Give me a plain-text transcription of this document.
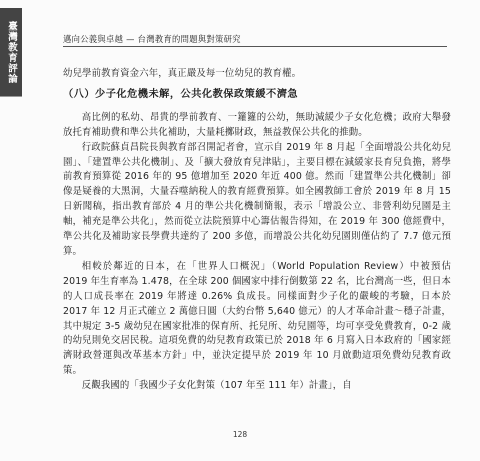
臺灣教育評論	邁向公義與卓越 — 台灣教育的問題與對策研究

幼兒學前教育資金六年，真正嚴及每一位幼兒的教育權。

（八）少子化危機未解，公共化教保政策緩不濟急

高比例的私幼、昂貴的學前教育、一籮籮的公幼，無助減緩少子女化危機；政府大舉發放托育補助費和準公共化補助，大量耗擲財政，無益教保公共化的推動。

行政院蘇貞昌院長與教育部召開記者會，宣示自 2019 年 8 月起「全面增設公共化幼兒園」、「建置準公共化機制」、及「擴大發放育兒津貼」，主要目標在減緩家長育兒負擔，將學前教育預算從 2016 年的 95 億增加至 2020 年近 400 億。然而「建置準公共化機制」卻像是疑養的大黑洞，大量吞噬納稅人的教育經費預算。如全國教師工會於 2019 年 8 月 15 日新聞稿，指出教育部於 4 月的準公共化機制簡報，表示「增設公立、非營利幼兒園是主軸，補充是準公共化」，然而從立法院預算中心籌估報告得知，在 2019 年 300 億經費中，準公共化及補助家長學費共達約了 200 多億，而增設公共化幼兒園則僅佔約了 7.7 億元預算。

相較於鄰近的日本，在「世界人口概況」（World Population Review）中被預估 2019 年生育率為 1.478，在全球 200 個國家中排行倒數第 22 名，比台灣高一些，但日本的人口成長率在 2019 年將達 0.26% 負成長。同樣面對少子化的嚴峻的考驗，日本於 2017 年 12 月正式確立 2 萬億日圓（大約台幣 5,640 億元）的人才革命計畫～穩子計畫，其中規定 3-5 歲幼兒在國家批准的保育所、托兒所、幼兒園等，均可享受免費教育，0-2 歲的幼兒則免交居民稅。這項免費的幼兒教育政策已於 2018 年 6 月寫入日本政府的「國家經濟財政營運與改革基本方針」中，並決定提早於 2019 年 10 月啟動這項免費幼兒教育政策。

反觀我國的「我國少子女化對策（107 年至 111 年）計畫」，自

128
